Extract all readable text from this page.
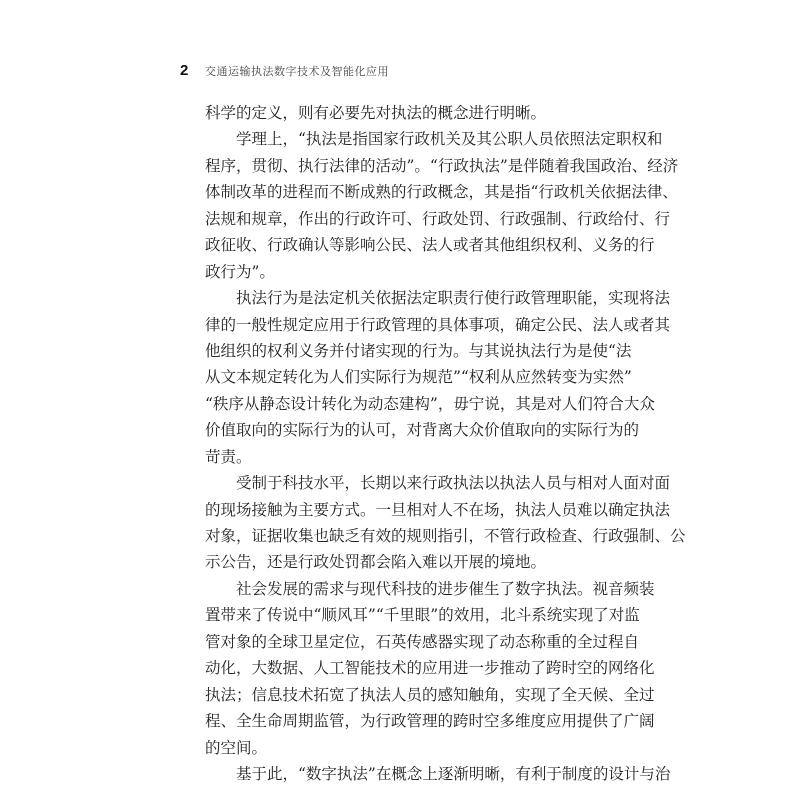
2	交通运输执法数字技术及智能化应用
科学的定义，则有必要先对执法的概念进行明晰。
学理上，“执法是指国家行政机关及其公职人员依照法定职权和
程序，贯彻、执行法律的活动”。“行政执法”是伴随着我国政治、经济
体制改革的进程而不断成熟的行政概念，其是指“行政机关依据法律、
法规和规章，作出的行政许可、行政处罚、行政强制、行政给付、行
政征收、行政确认等影响公民、法人或者其他组织权利、义务的行
政行为”。
执法行为是法定机关依据法定职责行使行政管理职能，实现将法
律的一般性规定应用于行政管理的具体事项，确定公民、法人或者其
他组织的权利义务并付诸实现的行为。与其说执法行为是使“法
从文本规定转化为人们实际行为规范”“权利从应然转变为实然”
“秩序从静态设计转化为动态建构”，毋宁说，其是对人们符合大众
价值取向的实际行为的认可，对背离大众价值取向的实际行为的
苛责。
受制于科技水平，长期以来行政执法以执法人员与相对人面对面
的现场接触为主要方式。一旦相对人不在场，执法人员难以确定执法
对象，证据收集也缺乏有效的规则指引，不管行政检查、行政强制、公
示公告，还是行政处罚都会陷入难以开展的境地。
社会发展的需求与现代科技的进步催生了数字执法。视音频装
置带来了传说中“顺风耳”“千里眼”的效用，北斗系统实现了对监
管对象的全球卫星定位，石英传感器实现了动态称重的全过程自
动化，大数据、人工智能技术的应用进一步推动了跨时空的网络化
执法；信息技术拓宽了执法人员的感知触角，实现了全天候、全过
程、全生命周期监管，为行政管理的跨时空多维度应用提供了广阔
的空间。
基于此，“数字执法”在概念上逐渐明晰，有利于制度的设计与治
